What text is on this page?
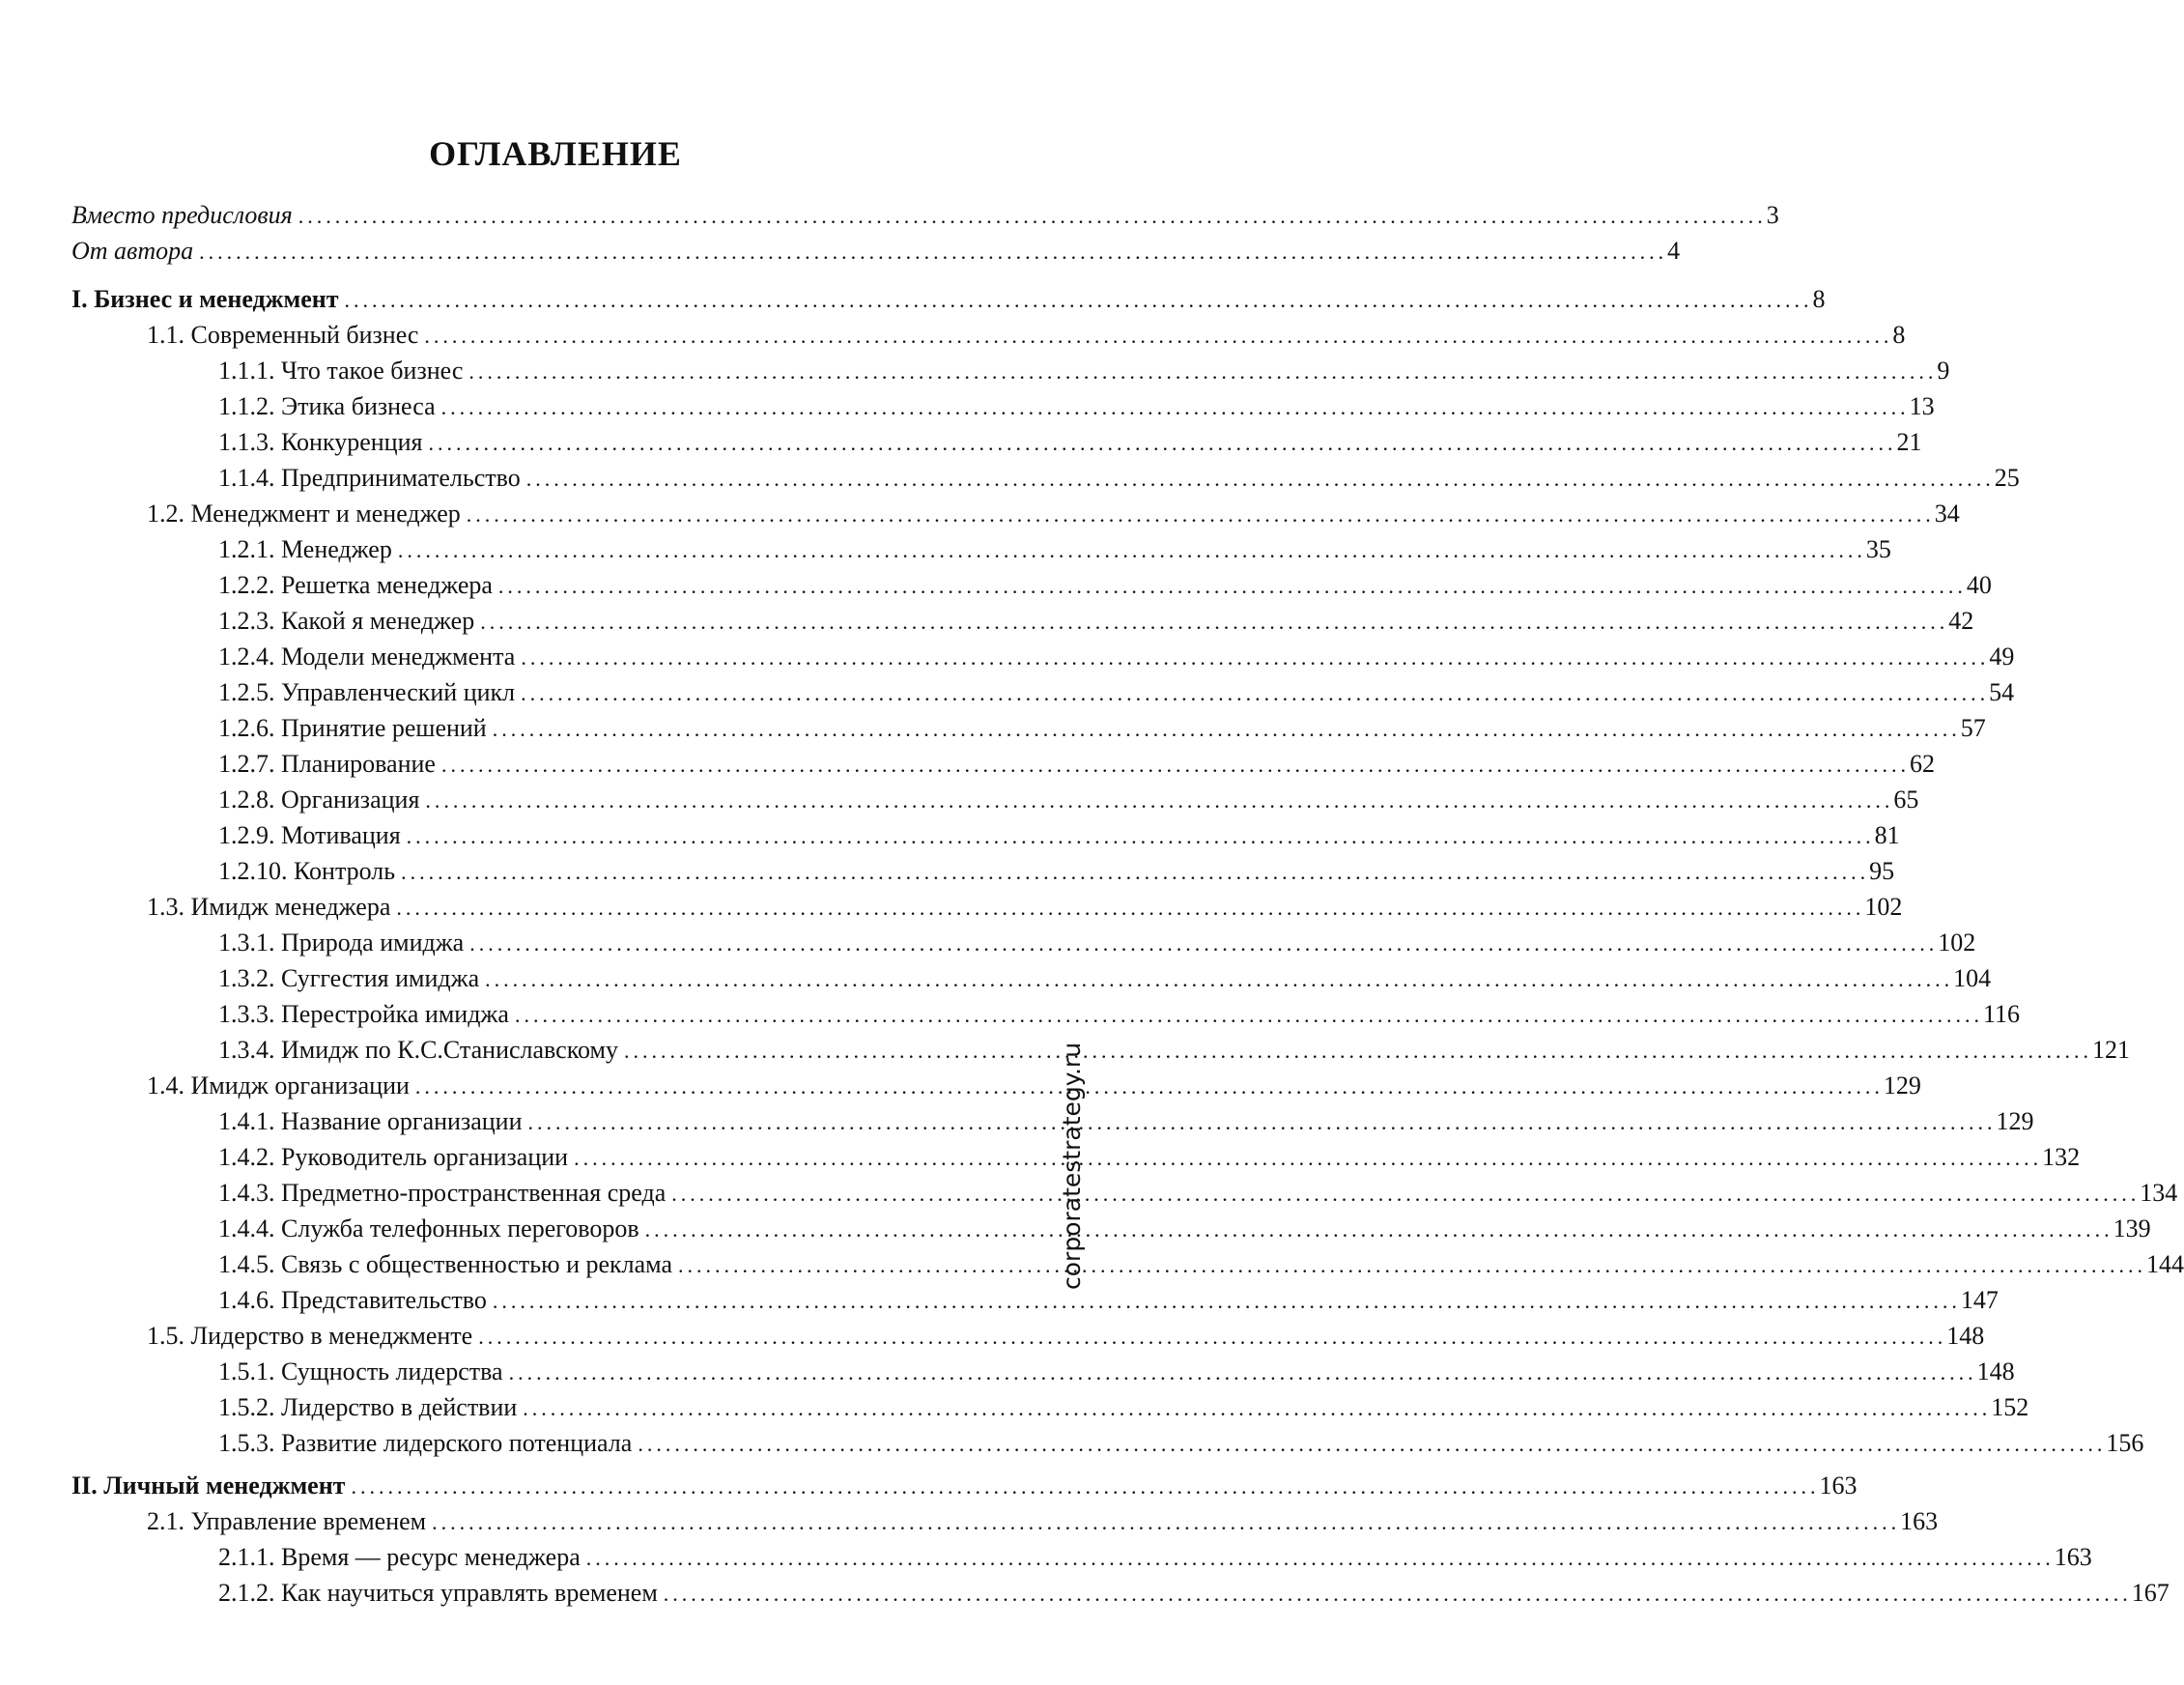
ОГЛАВЛЕНИЕ
Вместо предисловия ................................................................................................................................................................ 3
От автора ................................................................................................................................................................ 4
I. Бизнес и менеджмент ................................................................................................................................................................ 8
1.1. Современный бизнес ................................................................................................................................................................ 8
1.1.1. Что такое бизнес ................................................................................................................................................................ 9
1.1.2. Этика бизнеса ................................................................................................................................................................ 13
1.1.3. Конкуренция ................................................................................................................................................................ 21
1.1.4. Предпринимательство ................................................................................................................................................................ 25
1.2. Менеджмент и менеджер ................................................................................................................................................................ 34
1.2.1. Менеджер ................................................................................................................................................................ 35
1.2.2. Решетка менеджера ................................................................................................................................................................ 40
1.2.3. Какой я менеджер ................................................................................................................................................................ 42
1.2.4. Модели менеджмента ................................................................................................................................................................ 49
1.2.5. Управленческий цикл ................................................................................................................................................................ 54
1.2.6. Принятие решений ................................................................................................................................................................ 57
1.2.7. Планирование ................................................................................................................................................................ 62
1.2.8. Организация ................................................................................................................................................................ 65
1.2.9. Мотивация ................................................................................................................................................................ 81
1.2.10. Контроль ................................................................................................................................................................ 95
1.3. Имидж менеджера ................................................................................................................................................................ 102
1.3.1. Природа имиджа ................................................................................................................................................................ 102
1.3.2. Суггестия имиджа ................................................................................................................................................................ 104
1.3.3. Перестройка имиджа ................................................................................................................................................................ 116
1.3.4. Имидж по К.С.Станиславскому ................................................................................................................................................................ 121
1.4. Имидж организации ................................................................................................................................................................ 129
1.4.1. Название организации ................................................................................................................................................................ 129
1.4.2. Руководитель организации ................................................................................................................................................................ 132
1.4.3. Предметно-пространственная среда ................................................................................................................................................................ 134
1.4.4. Служба телефонных переговоров ................................................................................................................................................................ 139
1.4.5. Связь с общественностью и реклама ................................................................................................................................................................ 144
1.4.6. Представительство ................................................................................................................................................................ 147
1.5. Лидерство в менеджменте ................................................................................................................................................................ 148
1.5.1. Сущность лидерства ................................................................................................................................................................ 148
1.5.2. Лидерство в действии ................................................................................................................................................................ 152
1.5.3. Развитие лидерского потенциала ................................................................................................................................................................ 156
II. Личный менеджмент ................................................................................................................................................................ 163
2.1. Управление временем ................................................................................................................................................................ 163
2.1.1. Время — ресурс менеджера ................................................................................................................................................................ 163
2.1.2. Как научиться управлять временем ................................................................................................................................................................ 167
corporatestrategy.ru
